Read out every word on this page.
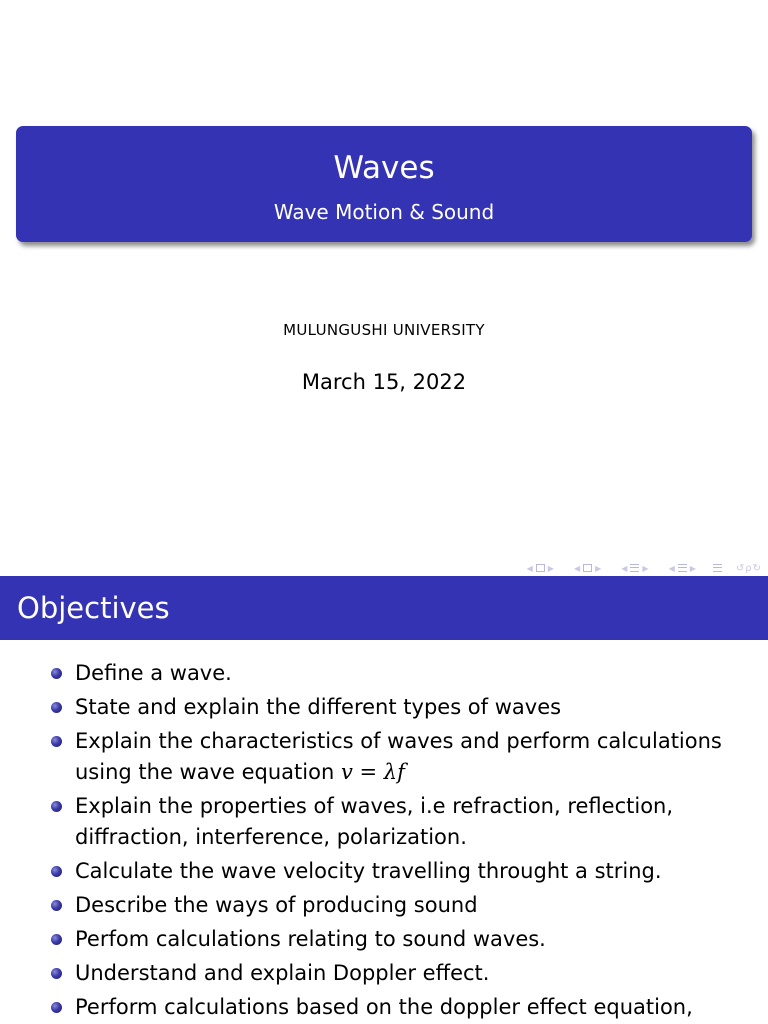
Waves
Wave Motion & Sound
MULUNGUSHI UNIVERSITY
March 15, 2022
◀ ▶	◀ ▶	◀ ▶	◀ ▶	↺ρ↻
Objectives
Define a wave.
State and explain the different types of waves
Explain the characteristics of waves and perform calculations using the wave equation v = λf
Explain the properties of waves, i.e refraction, reflection, diffraction, interference, polarization.
Calculate the wave velocity travelling throught a string.
Describe the ways of producing sound
Perfom calculations relating to sound waves.
Understand and explain Doppler effect.
Perform calculations based on the doppler effect equation,
